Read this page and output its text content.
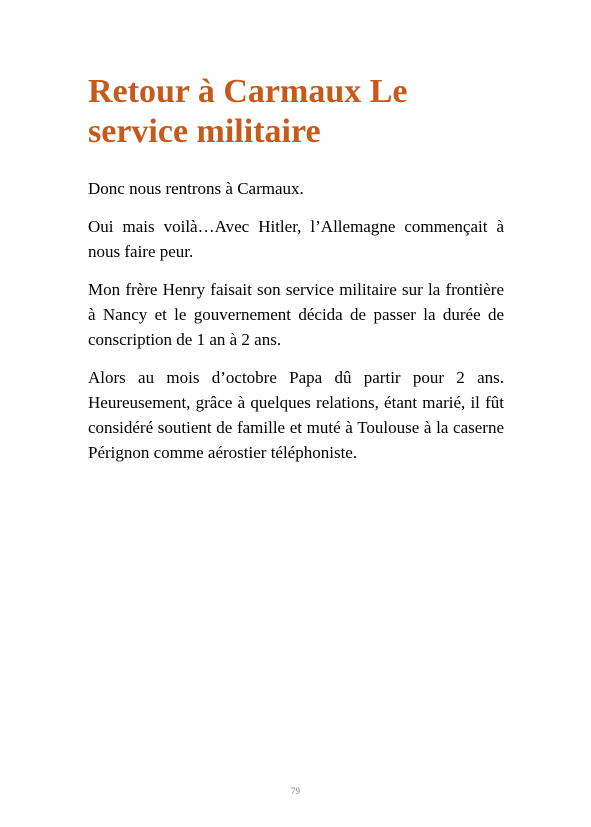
Retour à Carmaux Le service militaire

Donc nous rentrons à Carmaux.

Oui mais voilà…Avec Hitler, l’Allemagne commençait à nous faire peur.

Mon frère Henry faisait son service militaire sur la frontière à Nancy et le gouvernement décida de passer la durée de conscription de 1 an à 2 ans.

Alors au mois d’octobre Papa dû partir pour 2 ans. Heureusement, grâce à quelques relations, étant marié, il fût considéré soutient de famille et muté à Toulouse à la caserne Pérignon comme aérostier téléphoniste.

79
